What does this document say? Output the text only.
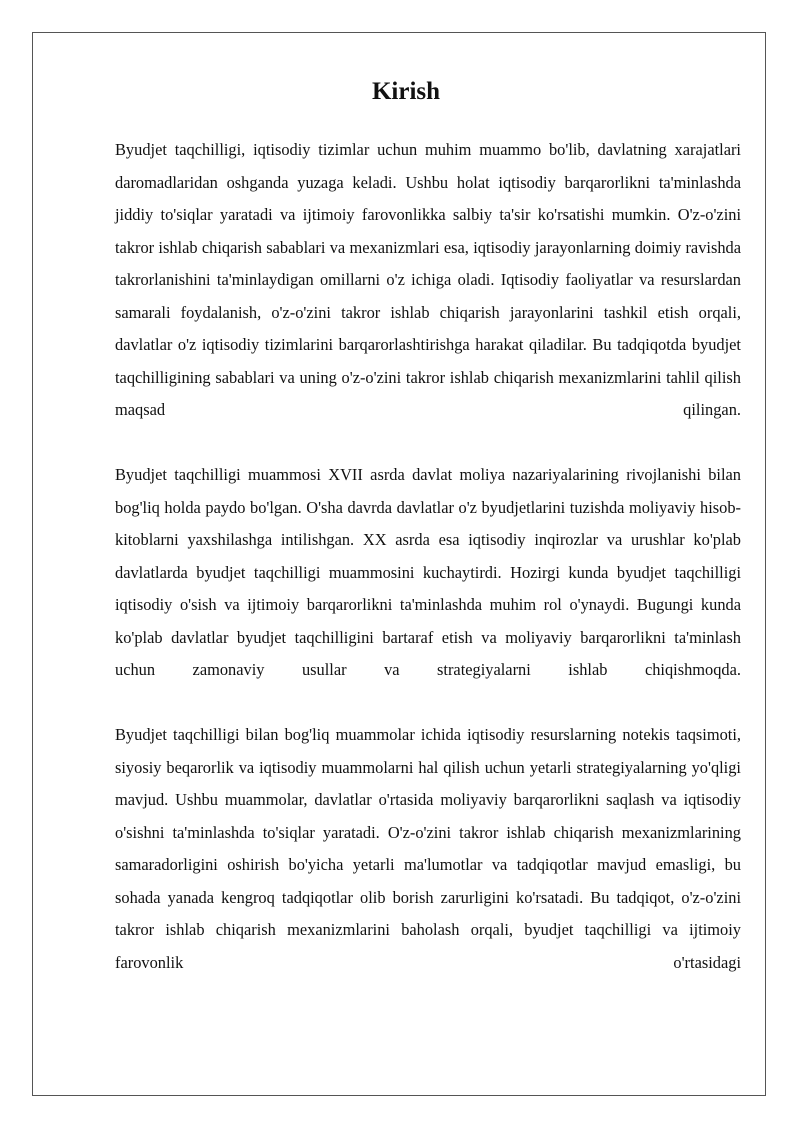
Kirish

Byudjet taqchilligi, iqtisodiy tizimlar uchun muhim muammo bo'lib, davlatning xarajatlari daromadlaridan oshganda yuzaga keladi. Ushbu holat iqtisodiy barqarorlikni ta'minlashda jiddiy to'siqlar yaratadi va ijtimoiy farovonlikka salbiy ta'sir ko'rsatishi mumkin. O'z-o'zini takror ishlab chiqarish sabablari va mexanizmlari esa, iqtisodiy jarayonlarning doimiy ravishda takrorlanishini ta'minlaydigan omillarni o'z ichiga oladi. Iqtisodiy faoliyatlar va resurslardan samarali foydalanish, o'z-o'zini takror ishlab chiqarish jarayonlarini tashkil etish orqali, davlatlar o'z iqtisodiy tizimlarini barqarorlashtirishga harakat qiladilar. Bu tadqiqotda byudjet taqchilligining sabablari va uning o'z-o'zini takror ishlab chiqarish mexanizmlarini tahlil qilish maqsad qilingan.

Byudjet taqchilligi muammosi XVII asrda davlat moliya nazariyalarining rivojlanishi bilan bog'liq holda paydo bo'lgan. O'sha davrda davlatlar o'z byudjetlarini tuzishda moliyaviy hisob-kitoblarni yaxshilashga intilishgan. XX asrda esa iqtisodiy inqirozlar va urushlar ko'plab davlatlarda byudjet taqchilligi muammosini kuchaytirdi. Hozirgi kunda byudjet taqchilligi iqtisodiy o'sish va ijtimoiy barqarorlikni ta'minlashda muhim rol o'ynaydi. Bugungi kunda ko'plab davlatlar byudjet taqchilligini bartaraf etish va moliyaviy barqarorlikni ta'minlash uchun zamonaviy usullar va strategiyalarni ishlab chiqishmoqda.

Byudjet taqchilligi bilan bog'liq muammolar ichida iqtisodiy resurslarning notekis taqsimoti, siyosiy beqarorlik va iqtisodiy muammolarni hal qilish uchun yetarli strategiyalarning yo'qligi mavjud. Ushbu muammolar, davlatlar o'rtasida moliyaviy barqarorlikni saqlash va iqtisodiy o'sishni ta'minlashda to'siqlar yaratadi. O'z-o'zini takror ishlab chiqarish mexanizmlarining samaradorligini oshirish bo'yicha yetarli ma'lumotlar va tadqiqotlar mavjud emasligi, bu sohada yanada kengroq tadqiqotlar olib borish zarurligini ko'rsatadi. Bu tadqiqot, o'z-o'zini takror ishlab chiqarish mexanizmlarini baholash orqali, byudjet taqchilligi va ijtimoiy farovonlik o'rtasidagi
